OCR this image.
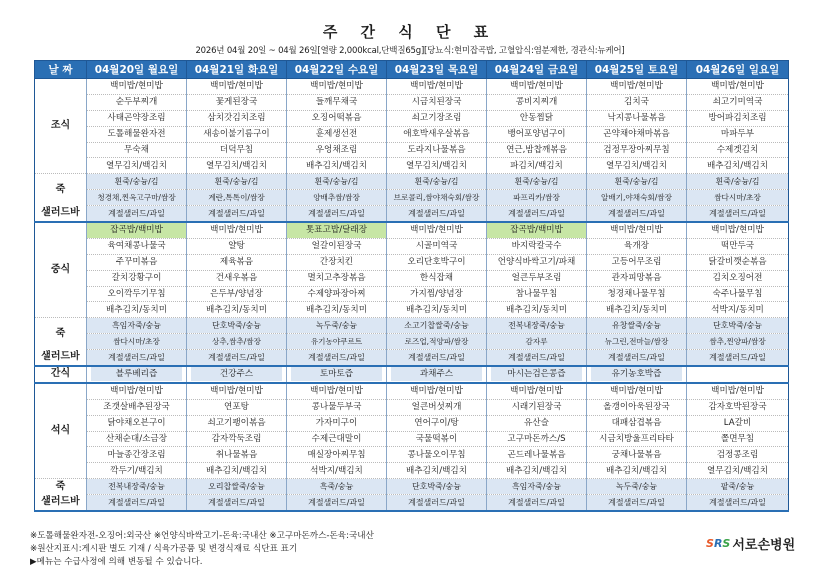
주 간 식 단 표
2026년 04월 20일 ~ 04월 26일[열량 2,000kcal,단백질65g][당뇨식:현미잡곡밥, 고혈압식:염분제한, 경관식:뉴케어]
날 짜	04월20일 월요일	04월21일 화요일	04월22일 수요일	04월23일 목요일	04월24일 금요일	04월25일 토요일	04월26일 일요일
조식	백미밥/현미밥	백미밥/현미밥	백미밥/현미밥	백미밥/현미밥	백미밥/현미밥	백미밥/현미밥	백미밥/현미밥
	순두부찌개	꽃게된장국	들깨무채국	시금치된장국	콩비지찌개	김치국	쇠고기미역국
	사태곤약장조림	삼치갓김치조림	오징어떡볶음	쇠고기장조림	안동찜닭	낙지콩나물볶음	방어파김치조림
	도톨해물완자전	새송이불기름구이	훈제생선전	애호박새우살볶음	뱅어포양념구이	곤약채야채마볶음	마파두부
	무숙채	더덕무침	우엉채조림	도라지나물볶음	연근,밤찹깨볶음	검정무장아찌무침	수제겟김치
	열무김치/백김치	열무김치/백김치	배추김치/백김치	열무김치/백김치	파김치/백김치	열무김치/백김치	배추김치/백김치
죽	흰죽/숭늉/김	흰죽/숭늉/김	흰죽/숭늉/김	흰죽/숭늉/김	흰죽/숭늉/김	흰죽/숭늉/김	흰죽/숭늉/김
	청경채,찐옥고구마/쌈장	계란,톡톡이/쌈장	양배추쌈/쌈장	브로콜리,쌈야채숙회/쌈장	파프리카/쌈장	알배기,야채숙회/쌈장	쌈다시마/초장
샐러드바	계절샐러드/과일	계절샐러드/과일	계절샐러드/과일	계절샐러드/과일	계절샐러드/과일	계절샐러드/과일	계절샐러드/과일
중식	잡곡밥/백미밥	백미밥/현미밥	톳표고밥/달래장	백미밥/현미밥	잡곡밥/백미밥	백미밥/현미밥	백미밥/현미밥
	육여채콩나물국	얄탕	얼갈이된장국	시골미역국	바지락칼국수	육개장	떡만두국
	주꾸미볶음	제육볶음	간장치킨	오리단호박구이	언양식바싹고기/파채	고등어무조림	닭갈비깻순볶음
	갈치강황구이	건새우볶음	멸치고추장볶음	한식잡채	얼큰두부조림	관자피망볶음	김치오징어전
	오이깍두기무침	은두부/양념장	수제양파장아찌	가지찜/양념장	참나물무침	청경채나물무침	숙주나물무침
	배추김치/동치미	배추김치/동치미	배추김치/동치미	배추김치/동치미	배추김치/동치미	배추김치/동치미	석박지/동치미
죽	흑임자죽/숭늉	단호박죽/숭늉	녹두죽/숭늉	소고기찹쌀죽/숭늉	전복내장죽/숭늉	유창쌀죽/숭늉	단호박죽/숭늉
	쌈다시마/초장	상추,쌈추/쌈장	유기농야쿠르트	로즈업,적양파/쌈장	감자루	뉴그린,전마늘/쌈장	쌈추,찐양파/쌈장
샐러드바	계절샐러드/과일	계절샐러드/과일	계절샐러드/과일	계절샐러드/과일	계절샐러드/과일	계절샐러드/과일	계절샐러드/과일
간식	블루베리즙	건강주스	토마토즙	과채주스	마시는검은콩즙	유기농호박즙	
석식	백미밥/현미밥	백미밥/현미밥	백미밥/현미밥	백미밥/현미밥	백미밥/현미밥	백미밥/현미밥	백미밥/현미밥
	조갯살배추된장국	연포탕	콩나물두부국	얼큰버섯찌개	시래기된장국	올갱이아욱된장국	감자호박된장국
	닭야채오븐구이	쇠고기팽이볶음	가자미구이	연어구이/탕	유산슬	대패삼겹볶음	LA갈비
	산채순대/소금장	감자깍둑조림	수제근대말이	국물떡볶이	고구마돈까스/S	시금치방울프리타타	쫄면무침
	마늘종간장조림	취나물볶음	매실장아찌무침	콩나물오이무침	곤드레나물볶음	궁채나물볶음	검정콩조림
	깍두기/백김치	배추김치/백김치	석박지/백김치	배추김치/백김치	배추김치/백김치	배추김치/백김치	열무김치/백김치
죽	전복내장죽/숭늉	오리찹쌀죽/숭늉	흑죽/숭늉	단호박죽/숭늉	흑임자죽/숭늉	녹두죽/숭늉	팥죽/숭늉
샐러드바	계절샐러드/과일	계절샐러드/과일	계절샐러드/과일	계절샐러드/과일	계절샐러드/과일	계절샐러드/과일	계절샐러드/과일
※도톨해물완자전-오징어:외국산 ※언양식바싹고기-돈육:국내산 ※고구마돈까스-돈육:국내산
※원산지표시:게시판 별도 기재 / 식육가공품 및 변경식재료 식단표 표기
▶메뉴는 수급사정에 의해 변동될 수 있습니다.
SRS 서로손병원
